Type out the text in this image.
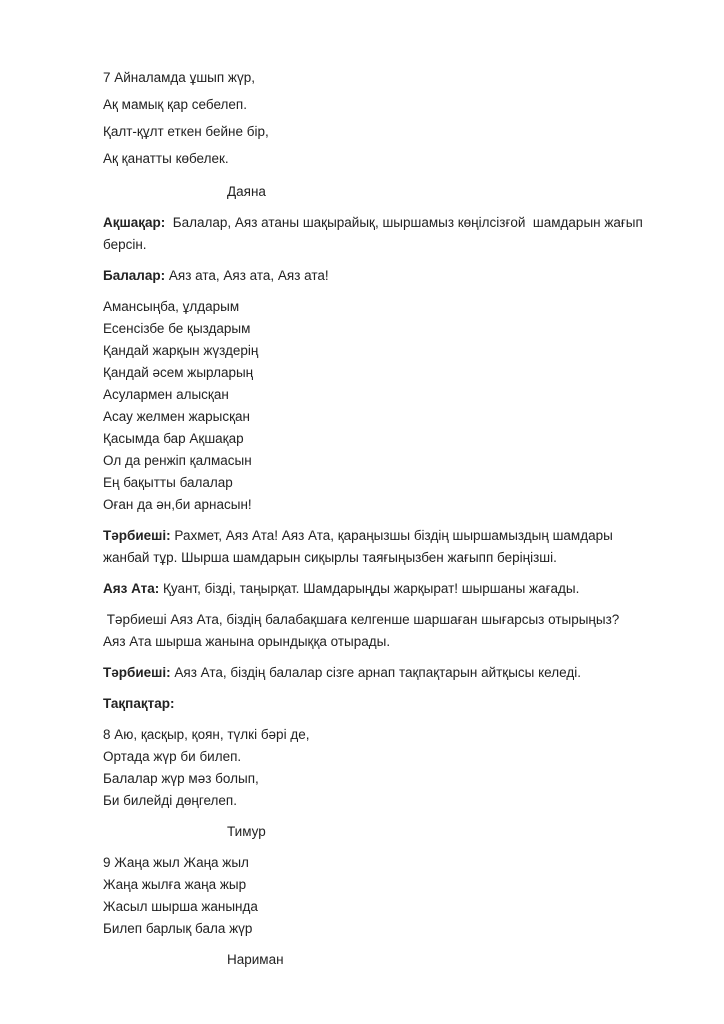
7 Айналамда ұшып жүр,

Ақ мамық қар себелеп.

Қалт-құлт еткен бейне бір,

Ақ қанатты көбелек.

Даяна

Ақшақар:  Балалар, Аяз атаны шақырайық, шыршамыз көңілсізғой  шамдарын жағып
берсін.

Балалар: Аяз ата, Аяз ата, Аяз ата!

Амансыңба, ұлдарым

Есенсізбе бе қыздарым

Қандай жарқын жүздерің

Қандай әсем жырларың

Асулармен алысқан

Асау желмен жарысқан

Қасымда бар Ақшақар

Ол да ренжіп қалмасын

Ең бақытты балалар

Оған да ән,би арнасын!

Тәрбиеші: Рахмет, Аяз Ата! Аяз Ата, қараңызшы біздің шыршамыздың шамдары
жанбай тұр. Шырша шамдарын сиқырлы таяғыңызбен жағыпп беріңізші.

Аяз Ата: Қуант, бізді, таңырқат. Шамдарыңды жарқырат! шыршаны жағады.

Тәрбиеші Аяз Ата, біздің балабақшаға келгенше шаршаған шығарсыз отырыңыз?
Аяз Ата шырша жанына орындыққа отырады.

Тәрбиеші: Аяз Ата, біздің балалар сізге арнап тақпақтарын айтқысы келеді.

Тақпақтар:

8 Аю, қасқыр, қоян, түлкі бәрі де,

Ортада жүр би билеп.

Балалар жүр мәз болып,

Би билейді дөңгелеп.

Тимур

9 Жаңа жыл Жаңа жыл

Жаңа жылға жаңа жыр

Жасыл шырша жанында

Билеп барлық бала жүр

Нариман
